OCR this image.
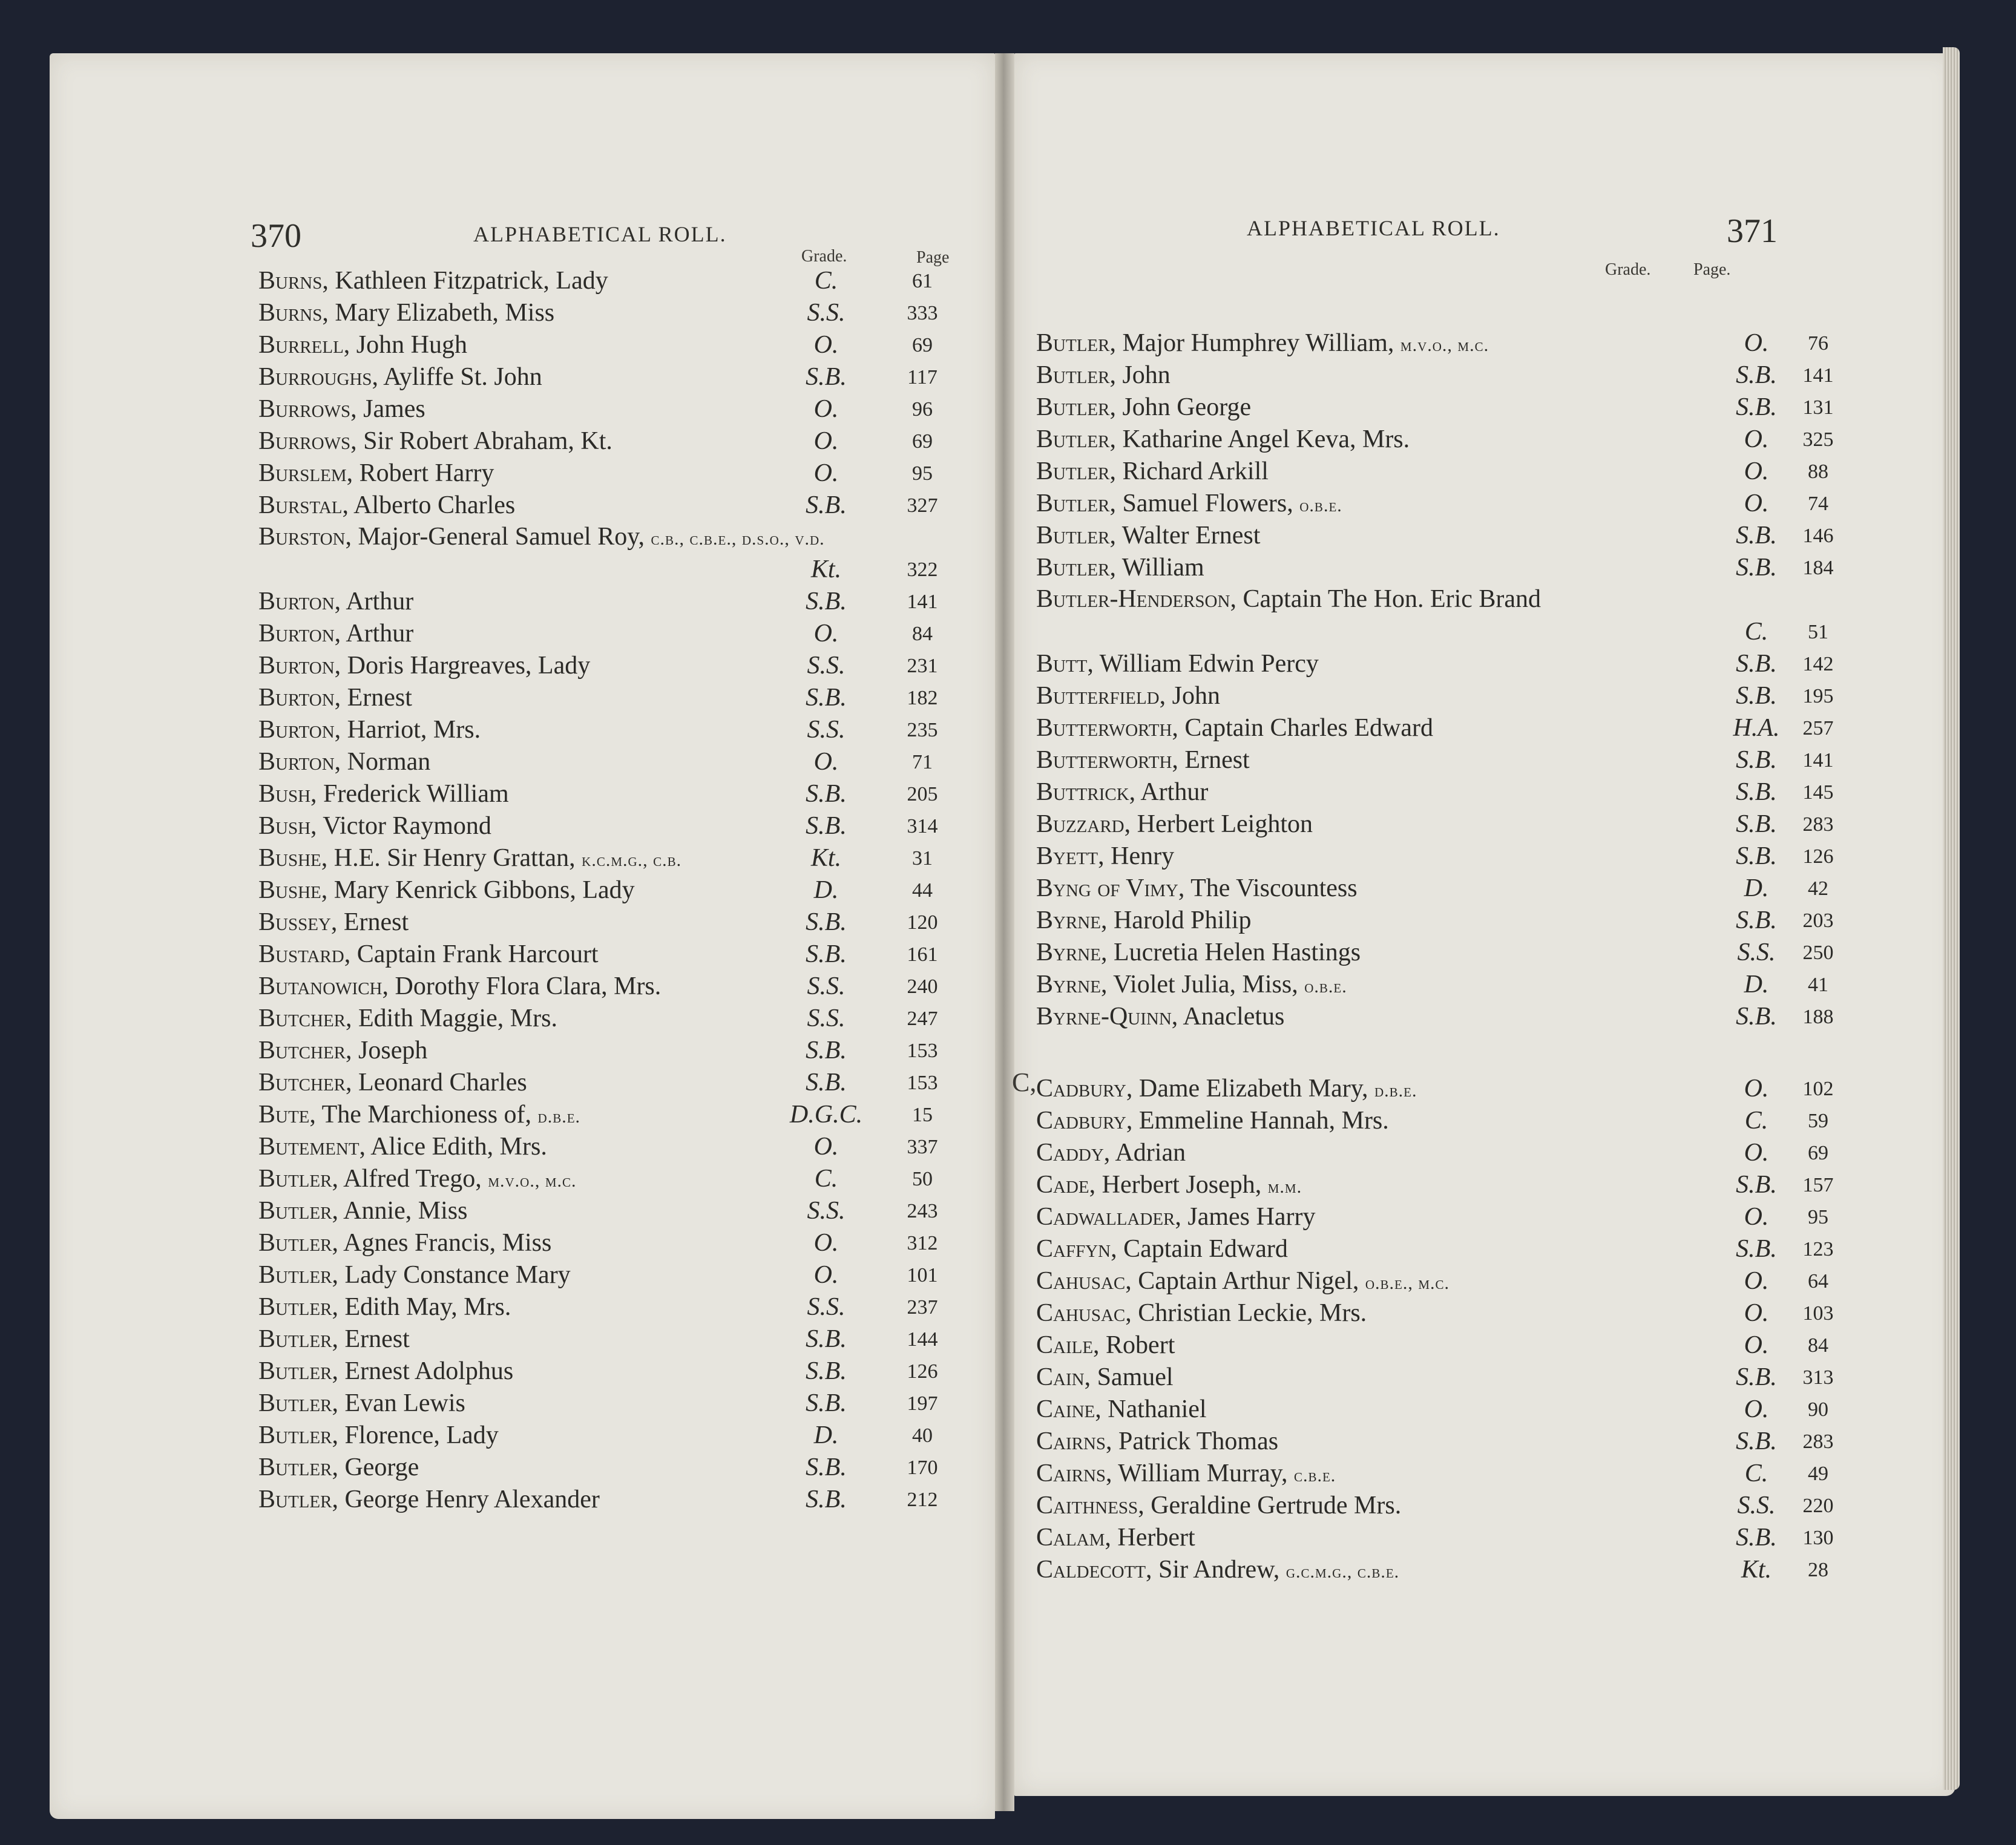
370	ALPHABETICAL ROLL.
Grade.	Page
Burns, Kathleen Fitzpatrick, Lady	C.	61
Burns, Mary Elizabeth, Miss	S.S.	333
Burrell, John Hugh	O.	69
Burroughs, Ayliffe St. John	S.B.	117
Burrows, James	O.	96
Burrows, Sir Robert Abraham, Kt.	O.	69
Burslem, Robert Harry	O.	95
Burstal, Alberto Charles	S.B.	327
Burston, Major-General Samuel Roy, c.b., c.b.e., d.s.o., v.d.
Kt.	322
Burton, Arthur	S.B.	141
Burton, Arthur	O.	84
Burton, Doris Hargreaves, Lady	S.S.	231
Burton, Ernest	S.B.	182
Burton, Harriot, Mrs.	S.S.	235
Burton, Norman	O.	71
Bush, Frederick William	S.B.	205
Bush, Victor Raymond	S.B.	314
Bushe, H.E. Sir Henry Grattan, k.c.m.g., c.b.	Kt.	31
Bushe, Mary Kenrick Gibbons, Lady	D.	44
Bussey, Ernest	S.B.	120
Bustard, Captain Frank Harcourt	S.B.	161
Butanowich, Dorothy Flora Clara, Mrs.	S.S.	240
Butcher, Edith Maggie, Mrs.	S.S.	247
Butcher, Joseph	S.B.	153
Butcher, Leonard Charles	S.B.	153
Bute, The Marchioness of, d.b.e.	D.G.C.	15
Butement, Alice Edith, Mrs.	O.	337
Butler, Alfred Trego, m.v.o., m.c.	C.	50
Butler, Annie, Miss	S.S.	243
Butler, Agnes Francis, Miss	O.	312
Butler, Lady Constance Mary	O.	101
Butler, Edith May, Mrs.	S.S.	237
Butler, Ernest	S.B.	144
Butler, Ernest Adolphus	S.B.	126
Butler, Evan Lewis	S.B.	197
Butler, Florence, Lady	D.	40
Butler, George	S.B.	170
Butler, George Henry Alexander	S.B.	212
ALPHABETICAL ROLL.	371
Grade.	Page.
Butler, Major Humphrey William, m.v.o., m.c.	O.	76
Butler, John	S.B.	141
Butler, John George	S.B.	131
Butler, Katharine Angel Keva, Mrs.	O.	325
Butler, Richard Arkill	O.	88
Butler, Samuel Flowers, o.b.e.	O.	74
Butler, Walter Ernest	S.B.	146
Butler, William	S.B.	184
Butler-Henderson, Captain The Hon. Eric Brand
C.	51
Butt, William Edwin Percy	S.B.	142
Butterfield, John	S.B.	195
Butterworth, Captain Charles Edward	H.A.	257
Butterworth, Ernest	S.B.	141
Buttrick, Arthur	S.B.	145
Buzzard, Herbert Leighton	S.B.	283
Byett, Henry	S.B.	126
Byng of Vimy, The Viscountess	D.	42
Byrne, Harold Philip	S.B.	203
Byrne, Lucretia Helen Hastings	S.S.	250
Byrne, Violet Julia, Miss, o.b.e.	D.	41
Byrne-Quinn, Anacletus	S.B.	188
C, Cadbury, Dame Elizabeth Mary, d.b.e.	O.	102
Cadbury, Emmeline Hannah, Mrs.	C.	59
Caddy, Adrian	O.	69
Cade, Herbert Joseph, m.m.	S.B.	157
Cadwallader, James Harry	O.	95
Caffyn, Captain Edward	S.B.	123
Cahusac, Captain Arthur Nigel, o.b.e., m.c.	O.	64
Cahusac, Christian Leckie, Mrs.	O.	103
Caile, Robert	O.	84
Cain, Samuel	S.B.	313
Caine, Nathaniel	O.	90
Cairns, Patrick Thomas	S.B.	283
Cairns, William Murray, c.b.e.	C.	49
Caithness, Geraldine Gertrude Mrs.	S.S.	220
Calam, Herbert	S.B.	130
Caldecott, Sir Andrew, g.c.m.g., c.b.e.	Kt.	28
